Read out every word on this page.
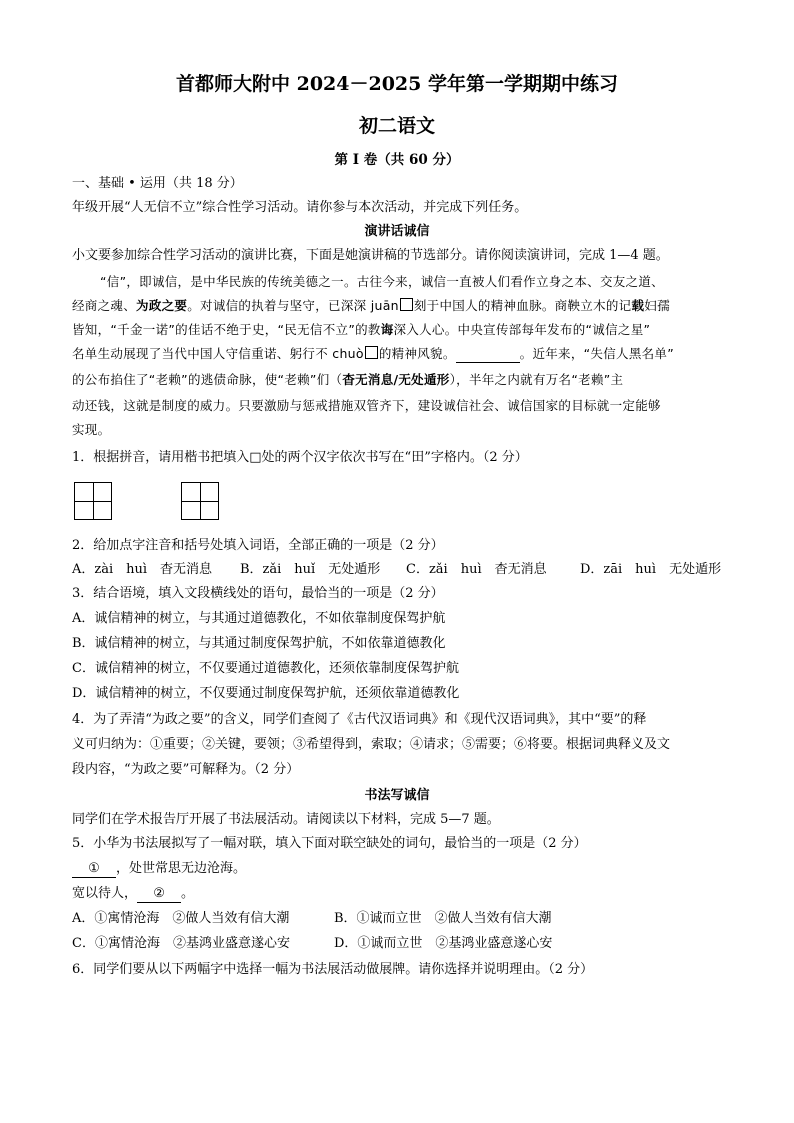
首都师大附中 2024－2025 学年第一学期期中练习
初二语文
第 I 卷（共 60 分）
一、基础 • 运用（共 18 分）
年级开展“人无信不立”综合性学习活动。请你参与本次活动，并完成下列任务。
演讲话诚信
小文要参加综合性学习活动的演讲比赛，下面是她演讲稿的节选部分。请你阅读演讲词，完成 1—4 题。
“信”，即诚信，是中华民族的传统美德之一。古往今来，诚信一直被人们看作立身之本、交友之道、
经商之魂、为政之要。对诚信的执着与坚守，已深深 juān 刻于中国人的精神血脉。商鞅立木的记载妇孺
皆知，“千金一诺”的佳话不绝于史，“民无信不立”的教诲深入人心。中央宣传部每年发布的“诚信之星”
名单生动展现了当代中国人守信重诺、躬行不 chuò 的精神风貌。	。近年来，“失信人黑名单”
的公布掐住了“老赖”的逃债命脉，使“老赖”们（杳无消息/无处遁形），半年之内就有万名“老赖”主
动还钱，这就是制度的威力。只要激励与惩戒措施双管齐下，建设诚信社会、诚信国家的目标就一定能够
实现。
1．根据拼音，请用楷书把填入□处的两个汉字依次书写在“田”字格内。（2 分）
2．给加点字注音和括号处填入词语，全部正确的一项是（2 分）
A．zài　huì　杳无消息 B．zǎi　huǐ　无处遁形 C．zǎi　huì　杳无消息	D．zāi　huì　无处遁形
3．结合语境，填入文段横线处的语句，最恰当的一项是（2 分）
A．诚信精神的树立，与其通过道德教化，不如依靠制度保驾护航
B．诚信精神的树立，与其通过制度保驾护航，不如依靠道德教化
C．诚信精神的树立，不仅要通过道德教化，还须依靠制度保驾护航
D．诚信精神的树立，不仅要通过制度保驾护航，还须依靠道德教化
4．为了弄清“为政之要”的含义，同学们查阅了《古代汉语词典》和《现代汉语词典》，其中“要”的释
义可归纳为：①重要；②关键，要领；③希望得到，索取；④请求；⑤需要；⑥将要。根据词典释义及文
段内容，“为政之要”可解释为。（2 分）
书法写诚信
同学们在学术报告厅开展了书法展活动。请阅读以下材料，完成 5—7 题。
5．小华为书法展拟写了一幅对联，填入下面对联空缺处的词句，最恰当的一项是（2 分）
① ，处世常思无边沧海。
宽以待人， ② 。
A．①寓情沧海　②做人当效有信大潮	B．①诚而立世　②做人当效有信大潮
C．①寓情沧海　②基鸿业盛意遂心安	D．①诚而立世　②基鸿业盛意遂心安
6．同学们要从以下两幅字中选择一幅为书法展活动做展牌。请你选择并说明理由。（2 分）
